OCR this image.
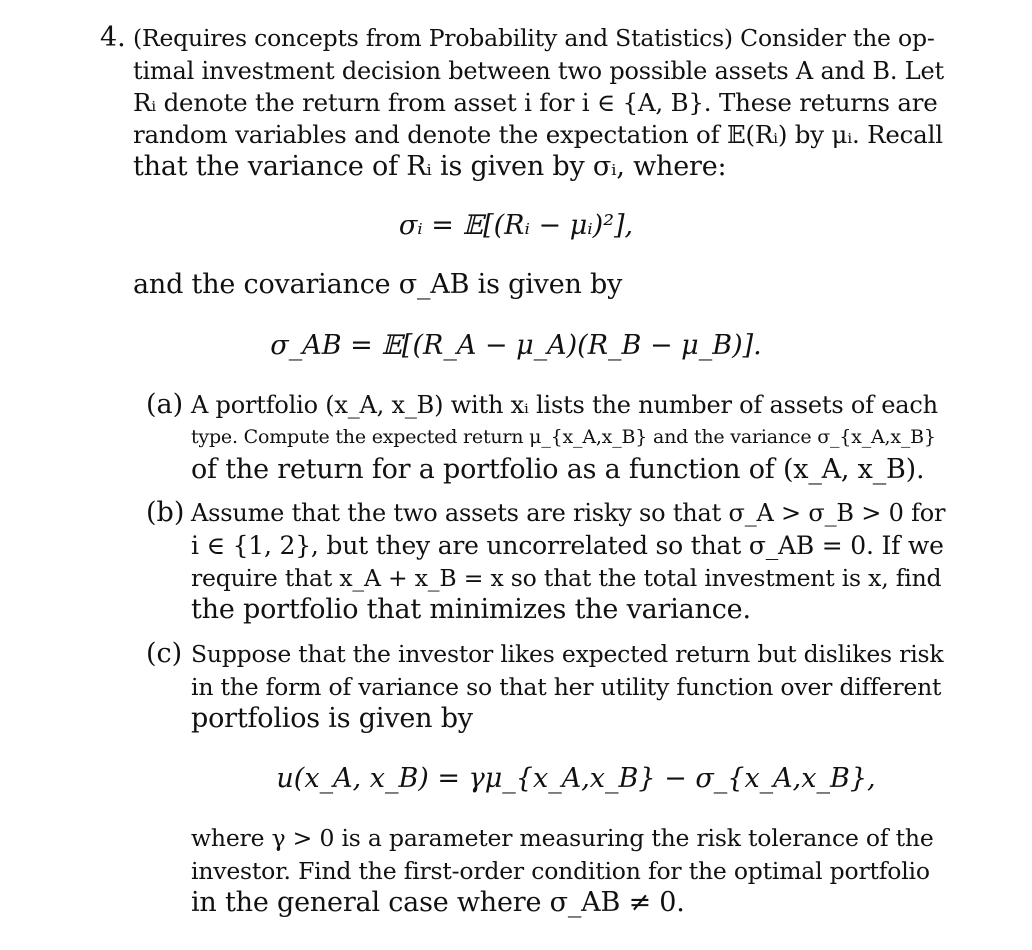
4. (Requires concepts from Probability and Statistics) Consider the op-
timal investment decision between two possible assets A and B. Let
Rᵢ denote the return from asset i for i ∈ {A, B}. These returns are
random variables and denote the expectation of 𝔼(Rᵢ) by μᵢ. Recall
that the variance of Rᵢ is given by σᵢ, where:
σᵢ = 𝔼[(Rᵢ − μᵢ)²],
and the covariance σ_AB is given by
σ_AB = 𝔼[(R_A − μ_A)(R_B − μ_B)].
(a) A portfolio (x_A, x_B) with xᵢ lists the number of assets of each
type. Compute the expected return μ_{x_A,x_B} and the variance σ_{x_A,x_B}
of the return for a portfolio as a function of (x_A, x_B).
(b) Assume that the two assets are risky so that σ_A > σ_B > 0 for
i ∈ {1, 2}, but they are uncorrelated so that σ_AB = 0. If we
require that x_A + x_B = x so that the total investment is x, find
the portfolio that minimizes the variance.
(c) Suppose that the investor likes expected return but dislikes risk
in the form of variance so that her utility function over different
portfolios is given by
u(x_A, x_B) = γμ_{x_A,x_B} − σ_{x_A,x_B},
where γ > 0 is a parameter measuring the risk tolerance of the
investor. Find the first-order condition for the optimal portfolio
in the general case where σ_AB ≠ 0.
